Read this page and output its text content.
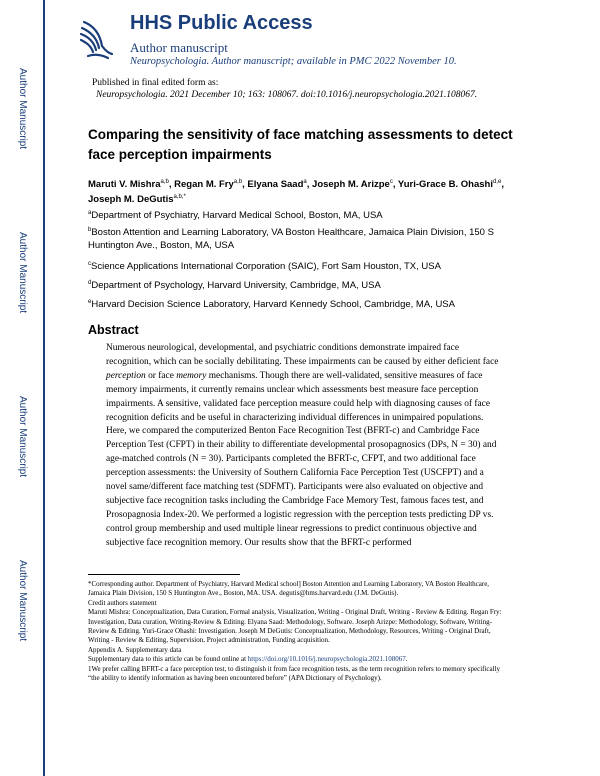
Author Manuscript
Author Manuscript
Author Manuscript
Author Manuscript
HHS Public Access
Author manuscript
Neuropsychologia. Author manuscript; available in PMC 2022 November 10.
Published in final edited form as:
Neuropsychologia. 2021 December 10; 163: 108067. doi:10.1016/j.neuropsychologia.2021.108067.
Comparing the sensitivity of face matching assessments to detect face perception impairments
Maruti V. Mishra$^{a,b}$, Regan M. Fry$^{a,b}$, Elyana Saad$^a$, Joseph M. Arizpe$^c$, Yuri-Grace B. Ohashi$^{d,e}$, Joseph M. DeGutis$^{a,b,*}$
$^a$Department of Psychiatry, Harvard Medical School, Boston, MA, USA
$^b$Boston Attention and Learning Laboratory, VA Boston Healthcare, Jamaica Plain Division, 150 S Huntington Ave., Boston, MA, USA
$^c$Science Applications International Corporation (SAIC), Fort Sam Houston, TX, USA
$^d$Department of Psychology, Harvard University, Cambridge, MA, USA
$^e$Harvard Decision Science Laboratory, Harvard Kennedy School, Cambridge, MA, USA
Abstract
Numerous neurological, developmental, and psychiatric conditions demonstrate impaired face recognition, which can be socially debilitating. These impairments can be caused by either deficient face perception or face memory mechanisms. Though there are well-validated, sensitive measures of face memory impairments, it currently remains unclear which assessments best measure face perception impairments. A sensitive, validated face perception measure could help with diagnosing causes of face recognition deficits and be useful in characterizing individual differences in unimpaired populations. Here, we compared the computerized Benton Face Recognition Test (BFRT-c) and Cambridge Face Perception Test (CFPT) in their ability to differentiate developmental prosopagnosics (DPs, N = 30) and age-matched controls (N = 30). Participants completed the BFRT-c, CFPT, and two additional face perception assessments: the University of Southern California Face Perception Test (USCFPT) and a novel same/different face matching test (SDFMT). Participants were also evaluated on objective and subjective face recognition tasks including the Cambridge Face Memory Test, famous faces test, and Prosopagnosia Index-20. We performed a logistic regression with the perception tests predicting DP vs. control group membership and used multiple linear regressions to predict continuous objective and subjective face recognition memory. Our results show that the BFRT-c performed
*Corresponding author. Department of Psychiatry, Harvard Medical school] Boston Attention and Learning Laboratory, VA Boston Healthcare, Jamaica Plain Division, 150 S Huntington Ave., Boston, MA. USA. degutis@hms.harvard.edu (J.M. DeGutis).
Credit authors statement
Maruti Mishra: Conceptualization, Data Curation, Formal analysis, Visualization, Writing - Original Draft, Writing - Review & Editing. Regan Fry: Investigation, Data curation, Writing-Review & Editing. Elyana Saad: Methodology, Software. Joseph Arizpe: Methodology, Software, Writing- Review & Editing. Yuri-Grace Ohashi: Investigation. Joseph M DeGutis: Conceptualization, Methodology, Resources, Writing - Original Draft, Writing - Review & Editing, Supervision, Project administration, Funding acquisition.
Appendix A. Supplementary data
Supplementary data to this article can be found online at https://doi.org/10.1016/j.neuropsychologia.2021.108067.
1We prefer calling BFRT-c a face perception test, to distinguish it from face recognition tests, as the term recognition refers to memory specifically “the ability to identify information as having been encountered before” (APA Dictionary of Psychology).
